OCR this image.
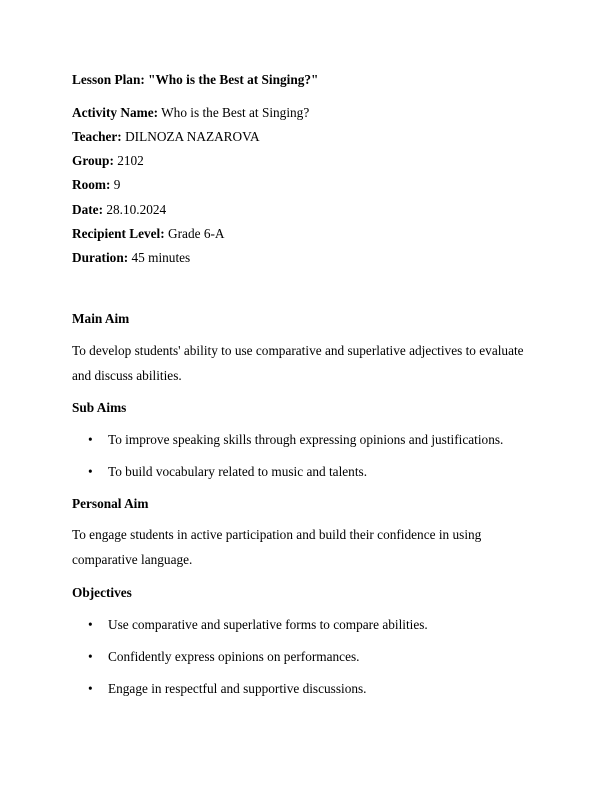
Lesson Plan: "Who is the Best at Singing?"
Activity Name: Who is the Best at Singing?
Teacher: DILNOZA NAZAROVA
Group: 2102
Room: 9
Date: 28.10.2024
Recipient Level: Grade 6-A
Duration: 45 minutes
Main Aim
To develop students' ability to use comparative and superlative adjectives to evaluate and discuss abilities.
Sub Aims
• To improve speaking skills through expressing opinions and justifications.
• To build vocabulary related to music and talents.
Personal Aim
To engage students in active participation and build their confidence in using comparative language.
Objectives
• Use comparative and superlative forms to compare abilities.
• Confidently express opinions on performances.
• Engage in respectful and supportive discussions.
